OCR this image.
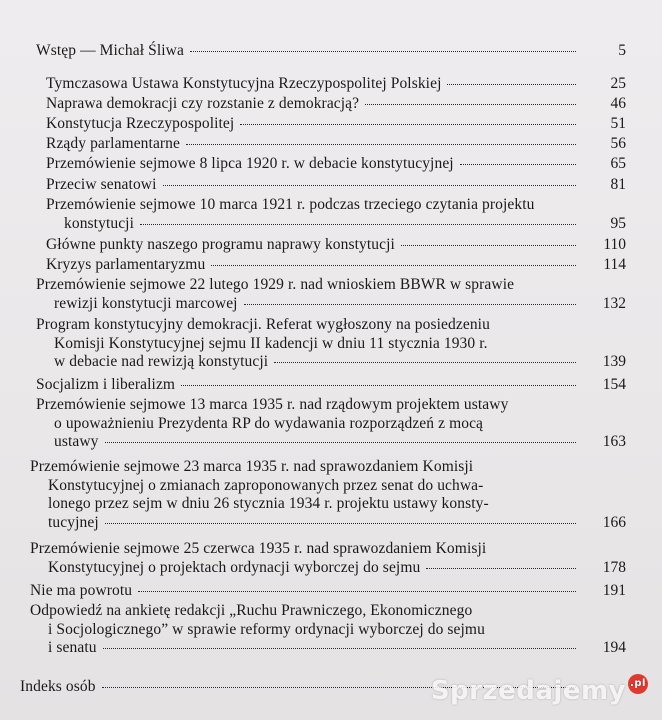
Wstęp — Michał Śliwa	5
Tymczasowa Ustawa Konstytucyjna Rzeczypospolitej Polskiej	25
Naprawa demokracji czy rozstanie z demokracją?	46
Konstytucja Rzeczypospolitej	51
Rządy parlamentarne	56
Przemówienie sejmowe 8 lipca 1920 r. w debacie konstytucyjnej	65
Przeciw senatowi	81
Przemówienie sejmowe 10 marca 1921 r. podczas trzeciego czytania projektu
konstytucji	95
Główne punkty naszego programu naprawy konstytucji	110
Kryzys parlamentaryzmu	114
Przemówienie sejmowe 22 lutego 1929 r. nad wnioskiem BBWR w sprawie
rewizji konstytucji marcowej	132
Program konstytucyjny demokracji. Referat wygłoszony na posiedzeniu
Komisji Konstytucyjnej sejmu II kadencji w dniu 11 stycznia 1930 r.
w debacie nad rewizją konstytucji	139
Socjalizm i liberalizm	154
Przemówienie sejmowe 13 marca 1935 r. nad rządowym projektem ustawy
o upoważnieniu Prezydenta RP do wydawania rozporządzeń z mocą
ustawy	163
Przemówienie sejmowe 23 marca 1935 r. nad sprawozdaniem Komisji
Konstytucyjnej o zmianach zaproponowanych przez senat do uchwa-
lonego przez sejm w dniu 26 stycznia 1934 r. projektu ustawy konsty-
tucyjnej	166
Przemówienie sejmowe 25 czerwca 1935 r. nad sprawozdaniem Komisji
Konstytucyjnej o projektach ordynacji wyborczej do sejmu	178
Nie ma powrotu	191
Odpowiedź na ankietę redakcji „Ruchu Prawniczego, Ekonomicznego
i Socjologicznego” w sprawie reformy ordynacji wyborczej do sejmu
i senatu	194
Indeks osób	Sprzedajemy .pl
